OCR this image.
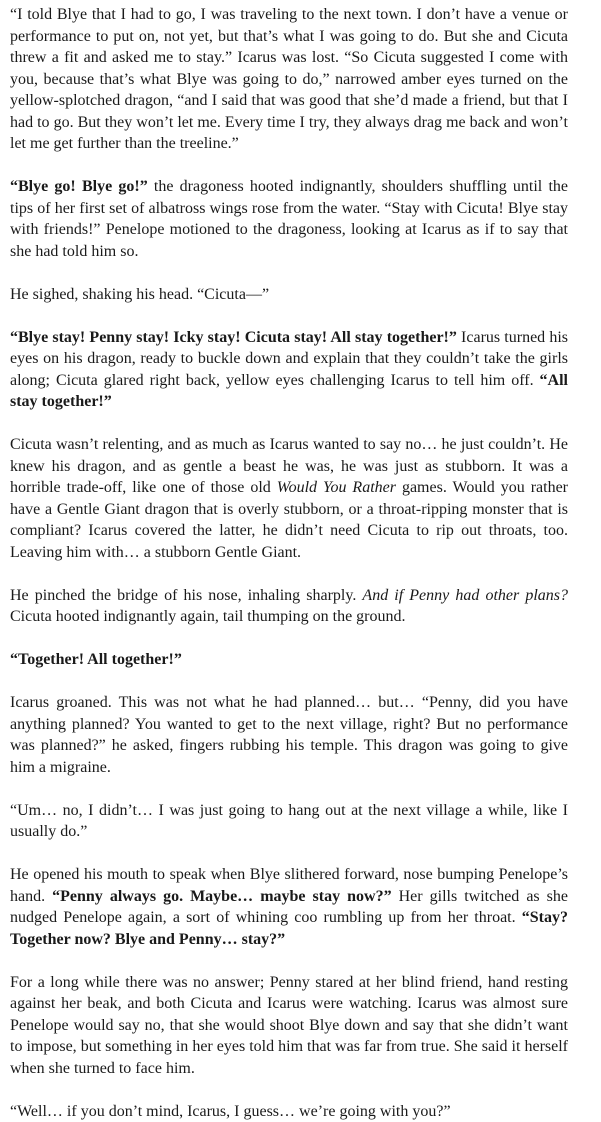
“I told Blye that I had to go, I was traveling to the next town. I don’t have a venue or performance to put on, not yet, but that’s what I was going to do. But she and Cicuta threw a fit and asked me to stay.” Icarus was lost. “So Cicuta suggested I come with you, because that’s what Blye was going to do,” narrowed amber eyes turned on the yellow-splotched dragon, “and I said that was good that she’d made a friend, but that I had to go. But they won’t let me. Every time I try, they always drag me back and won’t let me get further than the treeline.”

“Blye go! Blye go!” the dragoness hooted indignantly, shoulders shuffling until the tips of her first set of albatross wings rose from the water. “Stay with Cicuta! Blye stay with friends!” Penelope motioned to the dragoness, looking at Icarus as if to say that she had told him so.

He sighed, shaking his head. “Cicuta—”

“Blye stay! Penny stay! Icky stay! Cicuta stay! All stay together!” Icarus turned his eyes on his dragon, ready to buckle down and explain that they couldn’t take the girls along; Cicuta glared right back, yellow eyes challenging Icarus to tell him off. “All stay together!”

Cicuta wasn’t relenting, and as much as Icarus wanted to say no… he just couldn’t. He knew his dragon, and as gentle a beast he was, he was just as stubborn. It was a horrible trade-off, like one of those old Would You Rather games. Would you rather have a Gentle Giant dragon that is overly stubborn, or a throat-ripping monster that is compliant? Icarus covered the latter, he didn’t need Cicuta to rip out throats, too. Leaving him with… a stubborn Gentle Giant.

He pinched the bridge of his nose, inhaling sharply. And if Penny had other plans? Cicuta hooted indignantly again, tail thumping on the ground.

“Together! All together!”

Icarus groaned. This was not what he had planned… but… “Penny, did you have anything planned? You wanted to get to the next village, right? But no performance was planned?” he asked, fingers rubbing his temple. This dragon was going to give him a migraine.

“Um… no, I didn’t… I was just going to hang out at the next village a while, like I usually do.”

He opened his mouth to speak when Blye slithered forward, nose bumping Penelope’s hand. “Penny always go. Maybe… maybe stay now?” Her gills twitched as she nudged Penelope again, a sort of whining coo rumbling up from her throat. “Stay? Together now? Blye and Penny… stay?”

For a long while there was no answer; Penny stared at her blind friend, hand resting against her beak, and both Cicuta and Icarus were watching. Icarus was almost sure Penelope would say no, that she would shoot Blye down and say that she didn’t want to impose, but something in her eyes told him that was far from true. She said it herself when she turned to face him.

“Well… if you don’t mind, Icarus, I guess… we’re going with you?”
